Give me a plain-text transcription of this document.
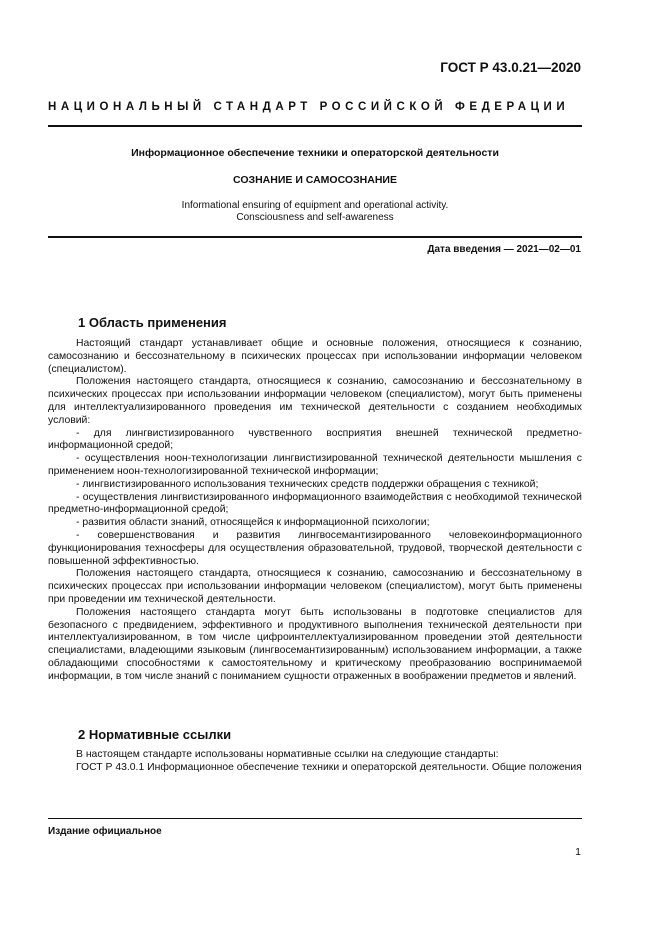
ГОСТ Р 43.0.21—2020
НАЦИОНАЛЬНЫЙ СТАНДАРТ РОССИЙСКОЙ ФЕДЕРАЦИИ
Информационное обеспечение техники и операторской деятельности
СОЗНАНИЕ И САМОСОЗНАНИЕ
Informational ensuring of equipment and operational activity.
Consciousness and self-awareness
Дата введения — 2021—02—01
1 Область применения

Настоящий стандарт устанавливает общие и основные положения, относящиеся к сознанию, самосознанию и бессознательному в психических процессах при использовании информации человеком (специалистом).

Положения настоящего стандарта, относящиеся к сознанию, самосознанию и бессознательному в психических процессах при использовании информации человеком (специалистом), могут быть применены для интеллектуализированного проведения им технической деятельности с созданием необходимых условий:

- для лингвистизированного чувственного восприятия внешней технической предметно-информационной средой;

- осуществления ноон-технологизации лингвистизированной технической деятельности мышления с применением ноон-технологизированной технической информации;

- лингвистизированного использования технических средств поддержки обращения с техникой;

- осуществления лингвистизированного информационного взаимодействия с необходимой технической предметно-информационной средой;

- развития области знаний, относящейся к информационной психологии;

- совершенствования и развития лингвосемантизированного человекоинформационного функционирования техносферы для осуществления образовательной, трудовой, творческой деятельности с повышенной эффективностью.

Положения настоящего стандарта, относящиеся к сознанию, самосознанию и бессознательному в психических процессах при использовании информации человеком (специалистом), могут быть применены при проведении им технической деятельности.

Положения настоящего стандарта могут быть использованы в подготовке специалистов для безопасного с предвидением, эффективного и продуктивного выполнения технической деятельности при интеллектуализированном, в том числе цифроинтеллектуализированном проведении этой деятельности специалистами, владеющими языковым (лингвосемантизированным) использованием информации, а также обладающими способностями к самостоятельному и критическому преобразованию воспринимаемой информации, в том числе знаний с пониманием сущности отраженных в воображении предметов и явлений.

2 Нормативные ссылки

В настоящем стандарте использованы нормативные ссылки на следующие стандарты:

ГОСТ Р 43.0.1 Информационное обеспечение техники и операторской деятельности. Общие положения

Издание официальное
1
